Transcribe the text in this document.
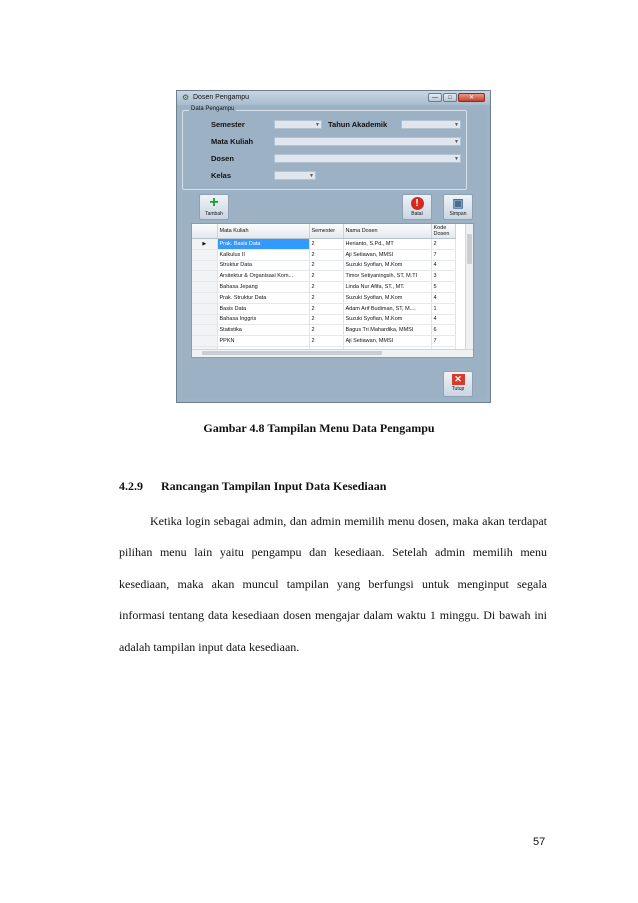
⚙ Dosen Pengampu	—	□	✕
Data Pengampu
Semester	▼ Tahun Akademik	▼
Mata Kuliah	▼
Dosen	▼
Kelas	▼
+
Tambah
!
Batal
▣
Simpan
✕
Tutup
	Mata Kuliah	Semester	Nama Dosen	Kode Dosen
▶	Prak. Basis Data	2	Herianto, S.Pd., MT	2
	Kalkulus II	2	Aji Setiawan, MMSI	7
	Struktur Data	2	Suzuki Syofian, M.Kom	4
	Arsitektur & Organisasi Kom...	2	Timor Setiyaningsih, ST, M.TI	3
	Bahasa Jepang	2	Linda Nur Afifa, ST., MT.	5
	Prak. Struktur Data	2	Suzuki Syofian, M.Kom	4
	Basis Data	2	Adam Arif Budiman, ST, M....	1
	Bahasa Inggris	2	Suzuki Syofian, M.Kom	4
	Statistika	2	Bagus Tri Mahardika, MMSI	6
	PPKN	2	Aji Setiawan, MMSI	7

Gambar 4.8 Tampilan Menu Data Pengampu
4.2.9 Rancangan Tampilan Input Data Kesediaan
Ketika login sebagai admin, dan admin memilih menu dosen, maka akan terdapat pilihan menu lain yaitu pengampu dan kesediaan. Setelah admin memilih menu kesediaan, maka akan muncul tampilan yang berfungsi untuk menginput segala informasi tentang data kesediaan dosen mengajar dalam waktu 1 minggu. Di bawah ini adalah tampilan input data kesediaan.
57
